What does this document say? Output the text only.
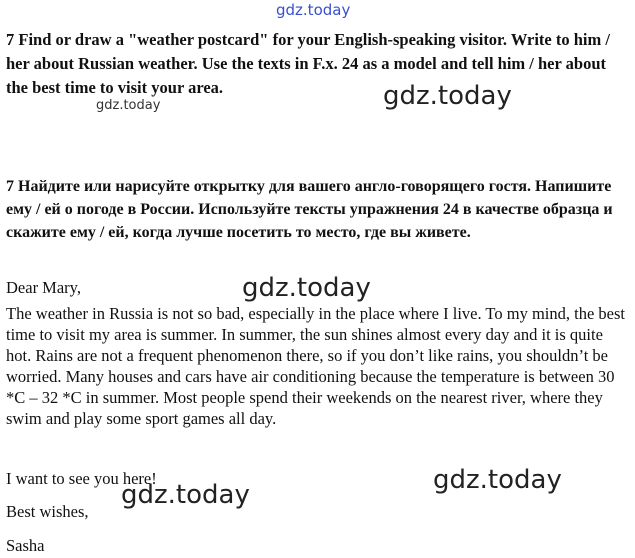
gdz.today
7 Find or draw a "weather postcard" for your English-speaking visitor. Write to him / her about Russian weather. Use the texts in F.x. 24 as a model and tell him / her about the best time to visit your area.
gdz.today	gdz.today
7 Найдите или нарисуйте открытку для вашего англо-говорящего гостя. Напишите ему / ей о погоде в России. Используйте тексты упражнения 24 в качестве образца и скажите ему / ей, когда лучше посетить то место, где вы живете.
Dear Mary,	gdz.today
The weather in Russia is not so bad, especially in the place where I live. To my mind, the best time to visit my area is summer. In summer, the sun shines almost every day and it is quite hot. Rains are not a frequent phenomenon there, so if you don’t like rains, you shouldn’t be worried. Many houses and cars have air conditioning because the temperature is between 30 *C – 32 *C in summer. Most people spend their weekends on the nearest river, where they swim and play some sport games all day.
I want to see you here!	gdz.today
Best wishes,
gdz.today
Sasha
